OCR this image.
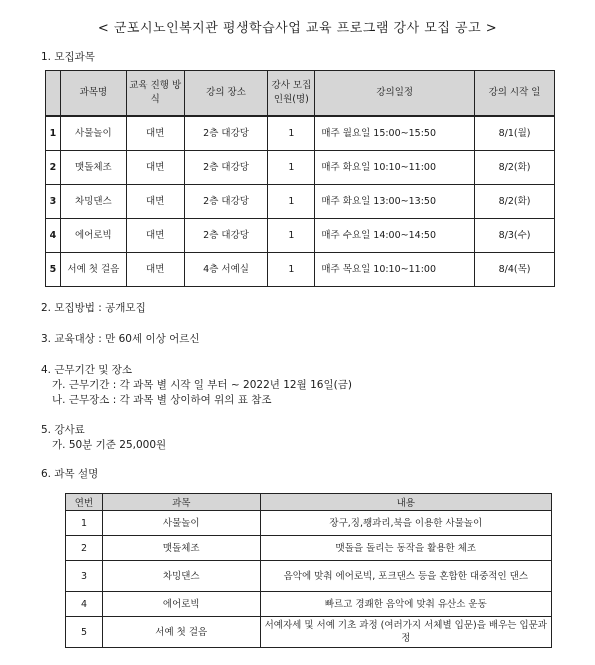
< 군포시노인복지관 평생학습사업 교육 프로그램 강사 모집 공고 >
1. 모집과목
	과목명	교육 진행 방식	강의 장소	강사 모집 인원(명)	강의일정	강의 시작 일
1	사물놀이	대면	2층 대강당	1	매주 월요일 15:00~15:50	8/1(월)
2	맷돌체조	대면	2층 대강당	1	매주 화요일 10:10~11:00	8/2(화)
3	차밍댄스	대면	2층 대강당	1	매주 화요일 13:00~13:50	8/2(화)
4	에어로빅	대면	2층 대강당	1	매주 수요일 14:00~14:50	8/3(수)
5	서예 첫 걸음	대면	4층 서예실	1	매주 목요일 10:10~11:00	8/4(목)
2. 모집방법 : 공개모집
3. 교육대상 : 만 60세 이상 어르신
4. 근무기간 및 장소
가. 근무기간 : 각 과목 별 시작 일 부터 ~ 2022년 12월 16일(금)
나. 근무장소 : 각 과목 별 상이하여 위의 표 참조
5. 강사료
가. 50분 기준 25,000원
6. 과목 설명
연번	과목	내용
1	사물놀이	장구,징,꽹과리,북을 이용한 사물놀이
2	맷돌체조	맷돌을 돌리는 동작을 활용한 체조
3	차밍댄스	음악에 맞춰 에어로빅, 포크댄스 등을 혼합한 대중적인 댄스
4	에어로빅	빠르고 경쾌한 음악에 맞춰 유산소 운동
5	서예 첫 걸음	서예자세 및 서예 기초 과정 (여러가지 서체별 입문)을 배우는 입문과정
